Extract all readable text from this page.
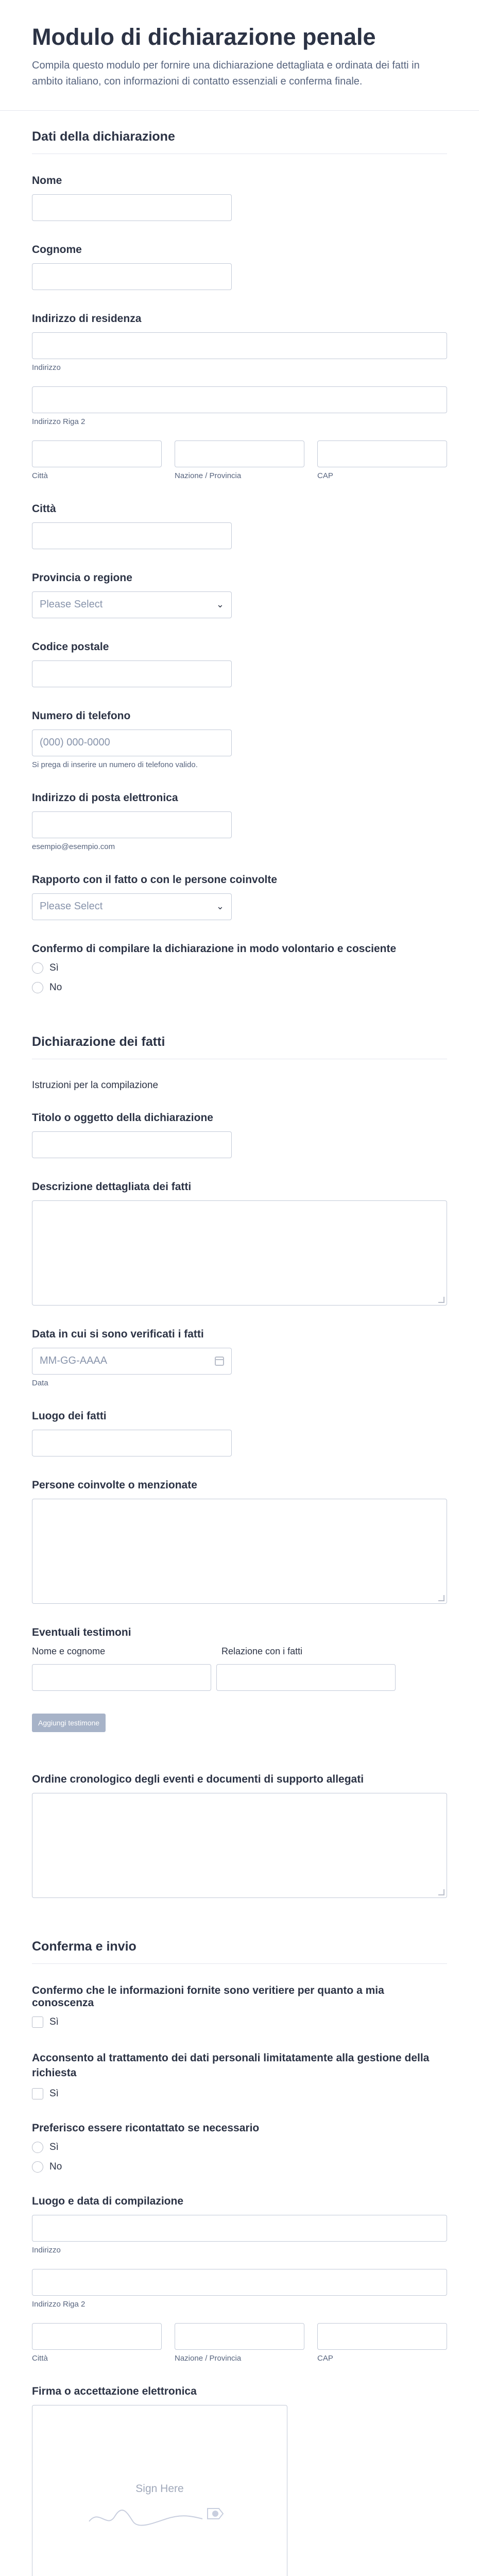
Modulo di dichiarazione penale

Compila questo modulo per fornire una dichiarazione dettagliata e ordinata dei fatti in ambito italiano, con informazioni di contatto essenziali e conferma finale.

Dati della dichiarazione
Nome
Cognome
Indirizzo di residenza
Indirizzo
Indirizzo Riga 2
Città	Nazione / Provincia	CAP
Città
Provincia o regione
Please Select	⌄
Codice postale
Numero di telefono
(000) 000-0000
Si prega di inserire un numero di telefono valido.
Indirizzo di posta elettronica
esempio@esempio.com
Rapporto con il fatto o con le persone coinvolte
Please Select	⌄
Confermo di compilare la dichiarazione in modo volontario e cosciente
Sì
No
Dichiarazione dei fatti
Istruzioni per la compilazione
Titolo o oggetto della dichiarazione
Descrizione dettagliata dei fatti
Data in cui si sono verificati i fatti
MM-GG-AAAA
Data
Luogo dei fatti
Persone coinvolte o menzionate
Eventuali testimoni
Nome e cognome	Relazione con i fatti
Aggiungi testimone
Ordine cronologico degli eventi e documenti di supporto allegati
Conferma e invio
Confermo che le informazioni fornite sono veritiere per quanto a mia conoscenza
Sì
Acconsento al trattamento dei dati personali limitatamente alla gestione della richiesta
Sì
Preferisco essere ricontattato se necessario
Sì
No
Luogo e data di compilazione
Indirizzo
Indirizzo Riga 2
Città	Nazione / Provincia	CAP
Firma o accettazione elettronica
Sign Here
